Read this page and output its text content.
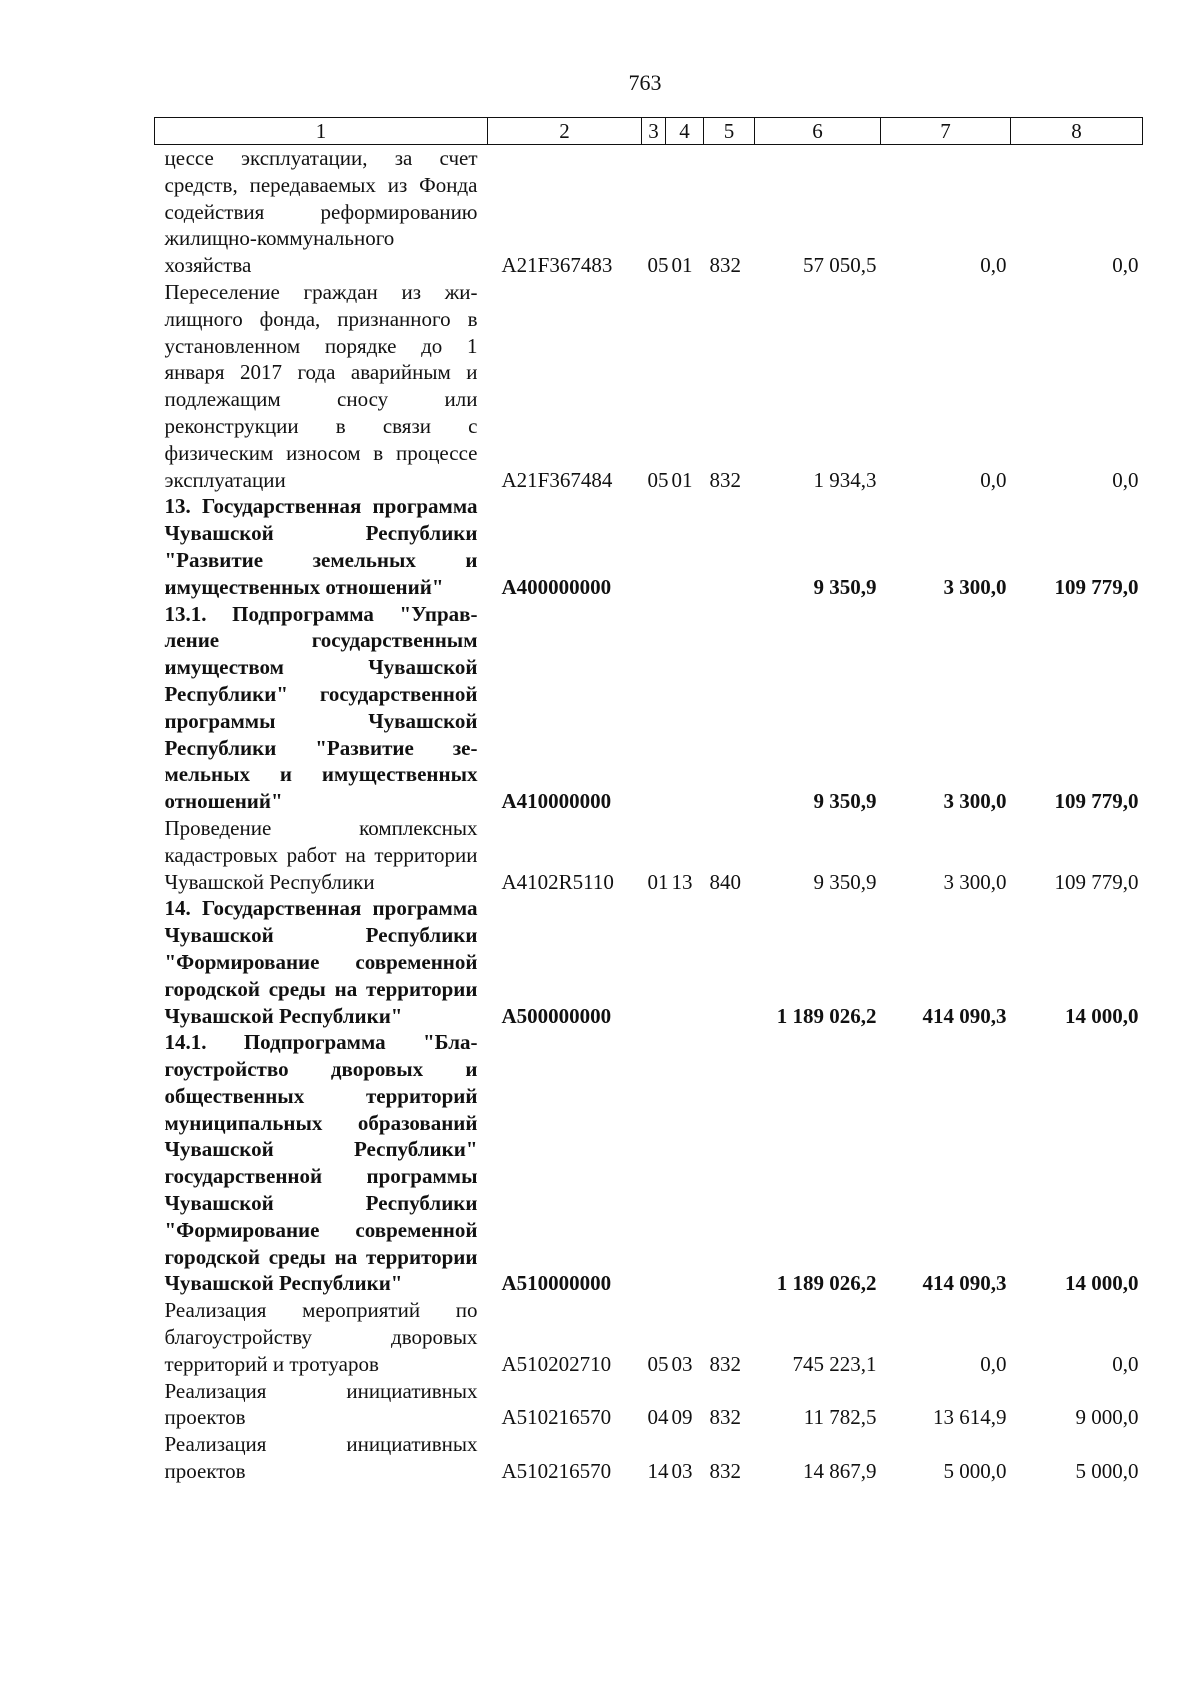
763
1	2	3	4	5	6	7	8
цессе эксплуатации, за счет средств, передаваемых из Фонда содействия реформированию жилищно-коммунального хозяйства	A21F367483	05	01	832	57 050,5	0,0	0,0
Переселение граждан из жилищного фонда, признанного в установленном порядке до 1 января 2017 года аварийным и подлежащим сносу или реконструкции в связи с физическим износом в процессе эксплуатации	A21F367484	05	01	832	1 934,3	0,0	0,0
13. Государственная программа Чувашской Республики "Развитие земельных и имущественных отношений"	A400000000				9 350,9	3 300,0	109 779,0
13.1. Подпрограмма "Управление государственным имуществом Чувашской Республики" государственной программы Чувашской Республики "Развитие земельных и имущественных отношений"	A410000000				9 350,9	3 300,0	109 779,0
Проведение комплексных кадастровых работ на территории Чувашской Республики	A4102R5110	01	13	840	9 350,9	3 300,0	109 779,0
14. Государственная программа Чувашской Республики "Формирование современной городской среды на территории Чувашской Республики"	A500000000				1 189 026,2	414 090,3	14 000,0
14.1. Подпрограмма "Благоустройство дворовых и общественных территорий муниципальных образований Чувашской Республики" государственной программы Чувашской Республики "Формирование современной городской среды на территории Чувашской Республики"	A510000000				1 189 026,2	414 090,3	14 000,0
Реализация мероприятий по благоустройству дворовых территорий и тротуаров	A510202710	05	03	832	745 223,1	0,0	0,0
Реализация инициативных проектов	A510216570	04	09	832	11 782,5	13 614,9	9 000,0
Реализация инициативных проектов	A510216570	14	03	832	14 867,9	5 000,0	5 000,0
